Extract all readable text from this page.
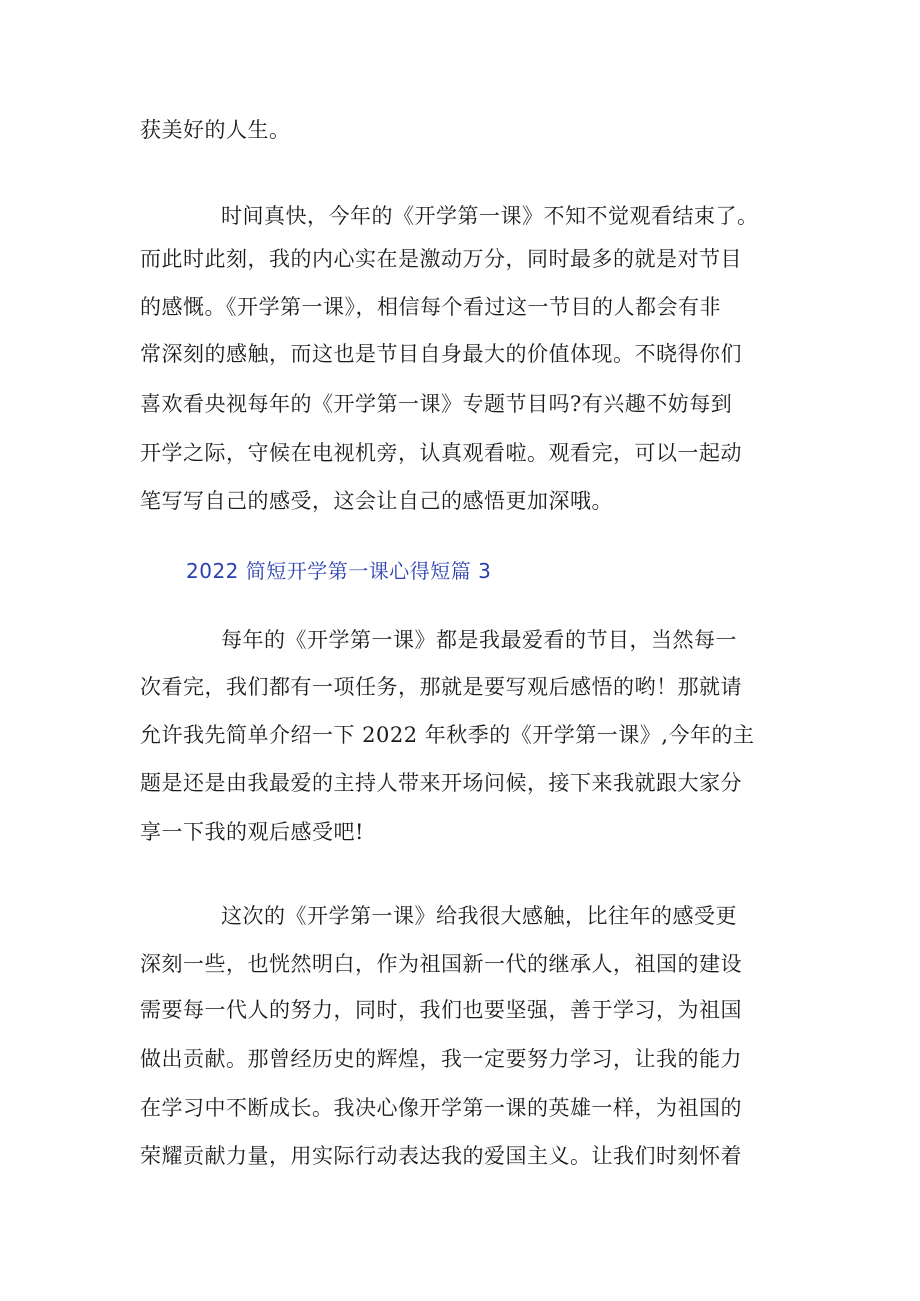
获美好的人生。
时间真快，今年的《开学第一课》不知不觉观看结束了。
而此时此刻，我的内心实在是激动万分，同时最多的就是对节目
的感慨。《开学第一课》，相信每个看过这一节目的人都会有非
常深刻的感触，而这也是节目自身最大的价值体现。不晓得你们
喜欢看央视每年的《开学第一课》专题节目吗?有兴趣不妨每到
开学之际，守候在电视机旁，认真观看啦。观看完，可以一起动
笔写写自己的感受，这会让自己的感悟更加深哦。
2022 简短开学第一课心得短篇 3
每年的《开学第一课》都是我最爱看的节目，当然每一
次看完，我们都有一项任务，那就是要写观后感悟的哟！那就请
允许我先简单介绍一下 2022 年秋季的《开学第一课》,今年的主
题是还是由我最爱的主持人带来开场问候，接下来我就跟大家分
享一下我的观后感受吧!
这次的《开学第一课》给我很大感触，比往年的感受更
深刻一些，也恍然明白，作为祖国新一代的继承人，祖国的建设
需要每一代人的努力，同时，我们也要坚强，善于学习，为祖国
做出贡献。那曾经历史的辉煌，我一定要努力学习，让我的能力
在学习中不断成长。我决心像开学第一课的英雄一样，为祖国的
荣耀贡献力量，用实际行动表达我的爱国主义。让我们时刻怀着
